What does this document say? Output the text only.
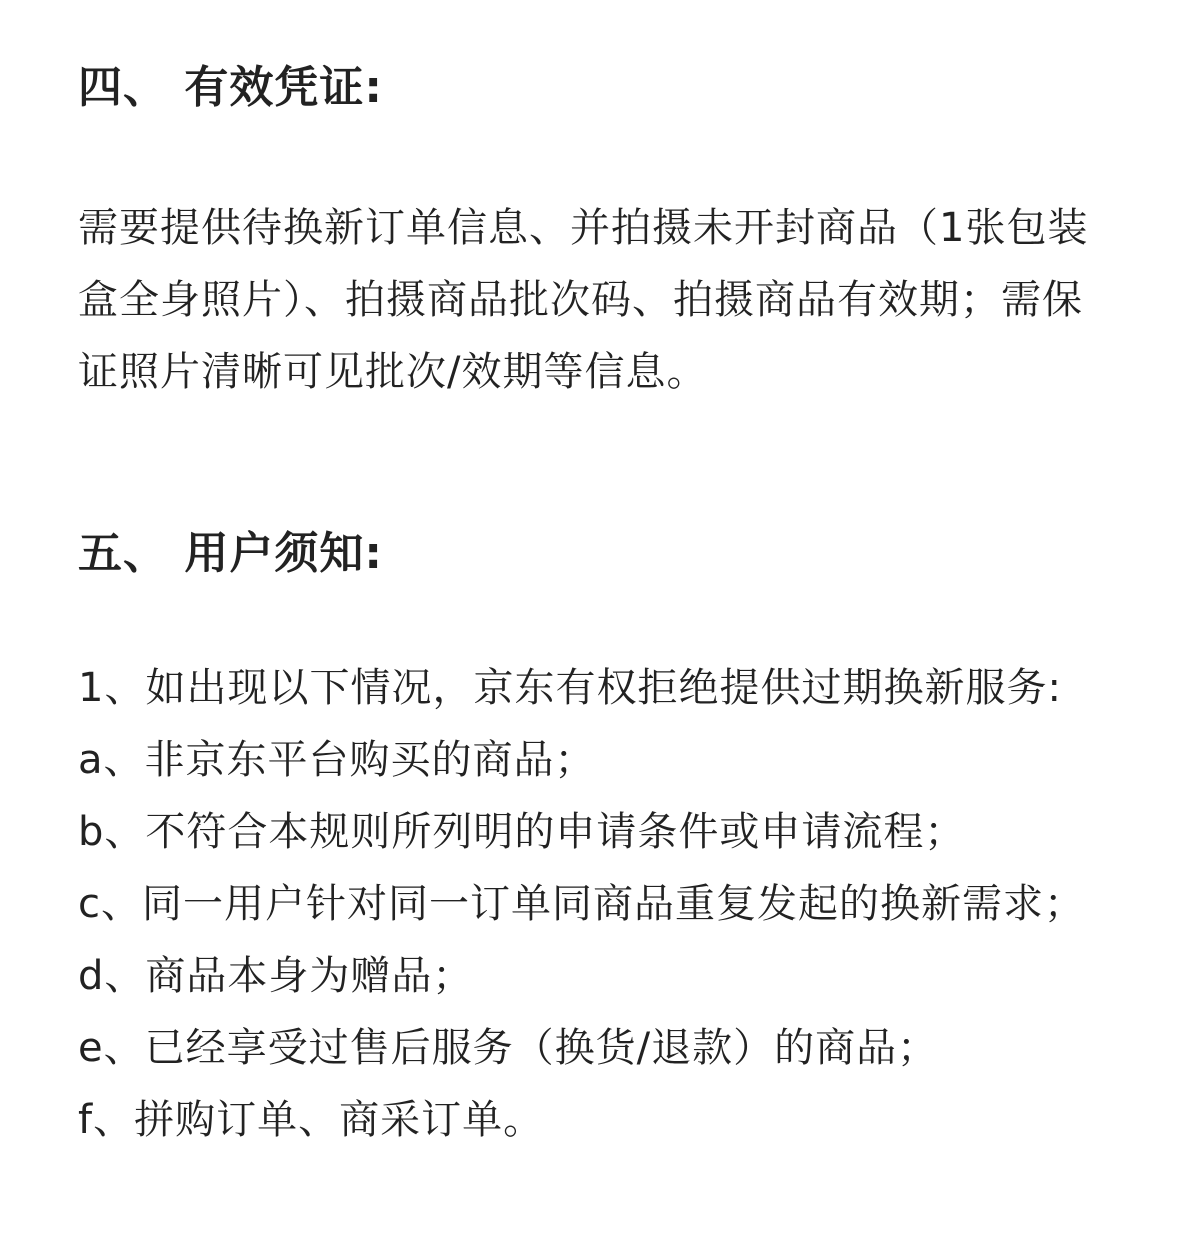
四、 有效凭证:

需要提供待换新订单信息、并拍摄未开封商品（1张包装盒全身照片）、拍摄商品批次码、拍摄商品有效期；需保证照片清晰可见批次/效期等信息。

五、 用户须知:

1、如出现以下情况，京东有权拒绝提供过期换新服务:

a、非京东平台购买的商品；

b、不符合本规则所列明的申请条件或申请流程；

c、同一用户针对同一订单同商品重复发起的换新需求；

d、商品本身为赠品；

e、已经享受过售后服务（换货/退款）的商品；

f、拼购订单、商采订单。
